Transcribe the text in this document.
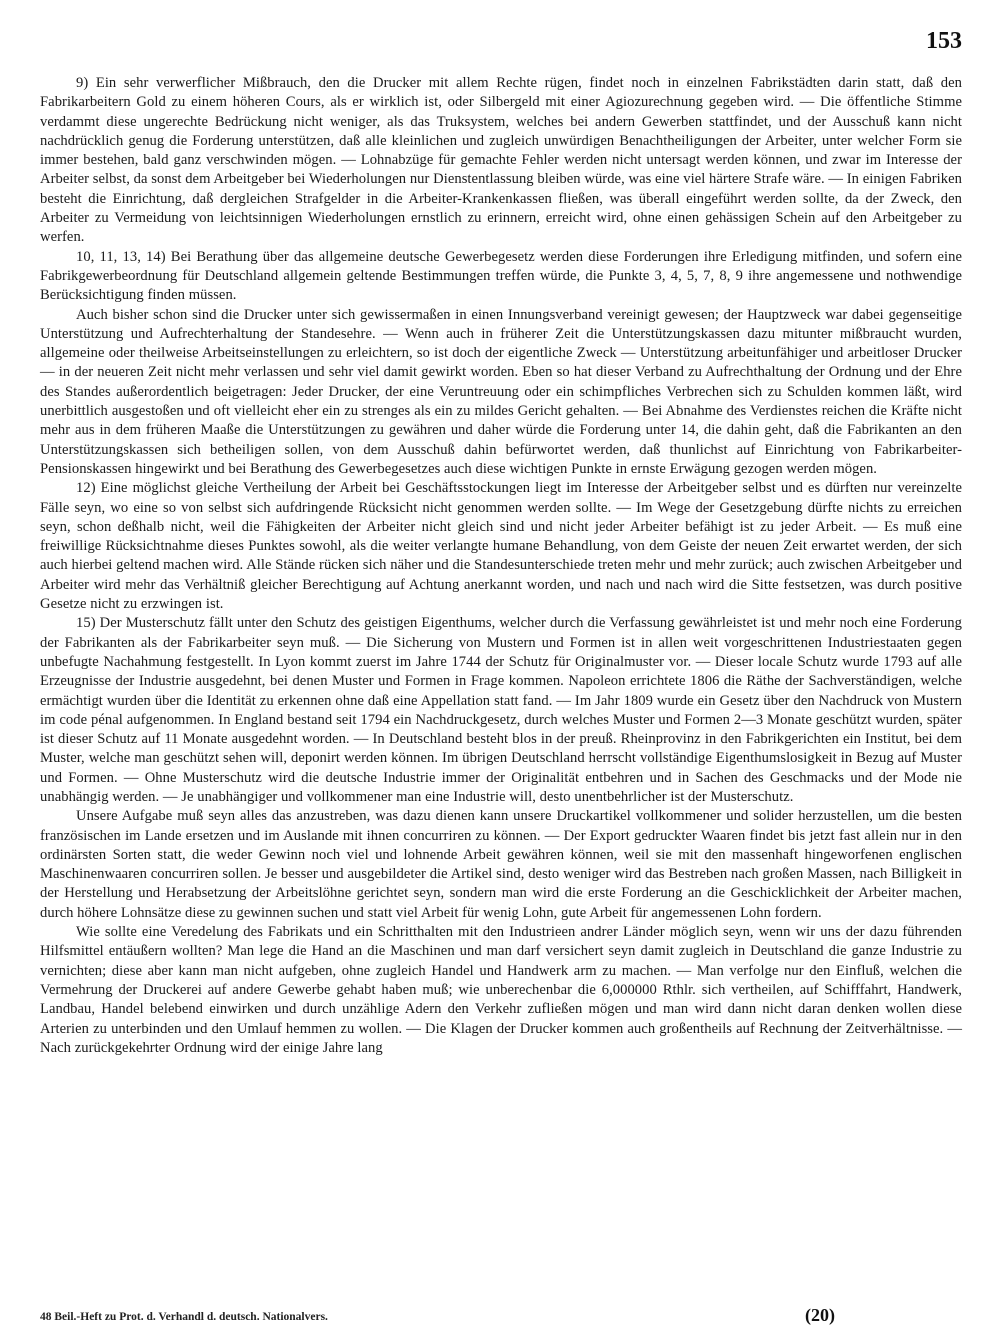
153

9) Ein sehr verwerflicher Mißbrauch, den die Drucker mit allem Rechte rügen, findet noch in einzelnen Fabrikstädten darin statt, daß den Fabrikarbeitern Gold zu einem höheren Cours, als er wirklich ist, oder Silbergeld mit einer Agiozurechnung gegeben wird. — Die öffentliche Stimme verdammt diese ungerechte Bedrückung nicht weniger, als das Truksystem, welches bei andern Gewerben stattfindet, und der Ausschuß kann nicht nachdrücklich genug die Forderung unterstützen, daß alle kleinlichen und zugleich unwürdigen Benachtheiligungen der Arbeiter, unter welcher Form sie immer bestehen, bald ganz verschwinden mögen. — Lohnabzüge für gemachte Fehler werden nicht untersagt werden können, und zwar im Interesse der Arbeiter selbst, da sonst dem Arbeitgeber bei Wiederholungen nur Dienstentlassung bleiben würde, was eine viel härtere Strafe wäre. — In einigen Fabriken besteht die Einrichtung, daß dergleichen Strafgelder in die Arbeiter-Krankenkassen fließen, was überall eingeführt werden sollte, da der Zweck, den Arbeiter zu Vermeidung von leichtsinnigen Wiederholungen ernstlich zu erinnern, erreicht wird, ohne einen gehässigen Schein auf den Arbeitgeber zu werfen.

10, 11, 13, 14) Bei Berathung über das allgemeine deutsche Gewerbegesetz werden diese Forderungen ihre Erledigung mitfinden, und sofern eine Fabrikgewerbeordnung für Deutschland allgemein geltende Bestimmungen treffen würde, die Punkte 3, 4, 5, 7, 8, 9 ihre angemessene und nothwendige Berücksichtigung finden müssen.

Auch bisher schon sind die Drucker unter sich gewissermaßen in einen Innungsverband vereinigt gewesen; der Hauptzweck war dabei gegenseitige Unterstützung und Aufrechterhaltung der Standesehre. — Wenn auch in früherer Zeit die Unterstützungskassen dazu mitunter mißbraucht wurden, allgemeine oder theilweise Arbeitseinstellungen zu erleichtern, so ist doch der eigentliche Zweck — Unterstützung arbeitunfähiger und arbeitloser Drucker — in der neueren Zeit nicht mehr verlassen und sehr viel damit gewirkt worden. Eben so hat dieser Verband zu Aufrechthaltung der Ordnung und der Ehre des Standes außerordentlich beigetragen: Jeder Drucker, der eine Veruntreuung oder ein schimpfliches Verbrechen sich zu Schulden kommen läßt, wird unerbittlich ausgestoßen und oft vielleicht eher ein zu strenges als ein zu mildes Gericht gehalten. — Bei Abnahme des Verdienstes reichen die Kräfte nicht mehr aus in dem früheren Maaße die Unterstützungen zu gewähren und daher würde die Forderung unter 14, die dahin geht, daß die Fabrikanten an den Unterstützungskassen sich betheiligen sollen, von dem Ausschuß dahin befürwortet werden, daß thunlichst auf Einrichtung von Fabrikarbeiter-Pensionskassen hingewirkt und bei Berathung des Gewerbegesetzes auch diese wichtigen Punkte in ernste Erwägung gezogen werden mögen.

12) Eine möglichst gleiche Vertheilung der Arbeit bei Geschäftsstockungen liegt im Interesse der Arbeitgeber selbst und es dürften nur vereinzelte Fälle seyn, wo eine so von selbst sich aufdringende Rücksicht nicht genommen werden sollte. — Im Wege der Gesetzgebung dürfte nichts zu erreichen seyn, schon deßhalb nicht, weil die Fähigkeiten der Arbeiter nicht gleich sind und nicht jeder Arbeiter befähigt ist zu jeder Arbeit. — Es muß eine freiwillige Rücksichtnahme dieses Punktes sowohl, als die weiter verlangte humane Behandlung, von dem Geiste der neuen Zeit erwartet werden, der sich auch hierbei geltend machen wird. Alle Stände rücken sich näher und die Standesunterschiede treten mehr und mehr zurück; auch zwischen Arbeitgeber und Arbeiter wird mehr das Verhältniß gleicher Berechtigung auf Achtung anerkannt worden, und nach und nach wird die Sitte festsetzen, was durch positive Gesetze nicht zu erzwingen ist.

15) Der Musterschutz fällt unter den Schutz des geistigen Eigenthums, welcher durch die Verfassung gewährleistet ist und mehr noch eine Forderung der Fabrikanten als der Fabrikarbeiter seyn muß. — Die Sicherung von Mustern und Formen ist in allen weit vorgeschrittenen Industriestaaten gegen unbefugte Nachahmung festgestellt. In Lyon kommt zuerst im Jahre 1744 der Schutz für Originalmuster vor. — Dieser locale Schutz wurde 1793 auf alle Erzeugnisse der Industrie ausgedehnt, bei denen Muster und Formen in Frage kommen. Napoleon errichtete 1806 die Räthe der Sachverständigen, welche ermächtigt wurden über die Identität zu erkennen ohne daß eine Appellation statt fand. — Im Jahr 1809 wurde ein Gesetz über den Nachdruck von Mustern im code pénal aufgenommen. In England bestand seit 1794 ein Nachdruckgesetz, durch welches Muster und Formen 2—3 Monate geschützt wurden, später ist dieser Schutz auf 11 Monate ausgedehnt worden. — In Deutschland besteht blos in der preuß. Rheinprovinz in den Fabrikgerichten ein Institut, bei dem Muster, welche man geschützt sehen will, deponirt werden können. Im übrigen Deutschland herrscht vollständige Eigenthumslosigkeit in Bezug auf Muster und Formen. — Ohne Musterschutz wird die deutsche Industrie immer der Originalität entbehren und in Sachen des Geschmacks und der Mode nie unabhängig werden. — Je unabhängiger und vollkommener man eine Industrie will, desto unentbehrlicher ist der Musterschutz.

Unsere Aufgabe muß seyn alles das anzustreben, was dazu dienen kann unsere Druckartikel vollkommener und solider herzustellen, um die besten französischen im Lande ersetzen und im Auslande mit ihnen concurriren zu können. — Der Export gedruckter Waaren findet bis jetzt fast allein nur in den ordinärsten Sorten statt, die weder Gewinn noch viel und lohnende Arbeit gewähren können, weil sie mit den massenhaft hingeworfenen englischen Maschinenwaaren concurriren sollen. Je besser und ausgebildeter die Artikel sind, desto weniger wird das Bestreben nach großen Massen, nach Billigkeit in der Herstellung und Herabsetzung der Arbeitslöhne gerichtet seyn, sondern man wird die erste Forderung an die Geschicklichkeit der Arbeiter machen, durch höhere Lohnsätze diese zu gewinnen suchen und statt viel Arbeit für wenig Lohn, gute Arbeit für angemessenen Lohn fordern.

Wie sollte eine Veredelung des Fabrikats und ein Schritthalten mit den Industrieen andrer Länder möglich seyn, wenn wir uns der dazu führenden Hilfsmittel entäußern wollten? Man lege die Hand an die Maschinen und man darf versichert seyn damit zugleich in Deutschland die ganze Industrie zu vernichten; diese aber kann man nicht aufgeben, ohne zugleich Handel und Handwerk arm zu machen. — Man verfolge nur den Einfluß, welchen die Vermehrung der Druckerei auf andere Gewerbe gehabt haben muß; wie unberechenbar die 6,000000 Rthlr. sich vertheilen, auf Schifffahrt, Handwerk, Landbau, Handel belebend einwirken und durch unzählige Adern den Verkehr zufließen mögen und man wird dann nicht daran denken wollen diese Arterien zu unterbinden und den Umlauf hemmen zu wollen. — Die Klagen der Drucker kommen auch großentheils auf Rechnung der Zeitverhältnisse. — Nach zurückgekehrter Ordnung wird der einige Jahre lang

48 Beil.-Heft zu Prot. d. Verhandl d. deutsch. Nationalvers.	(20)
